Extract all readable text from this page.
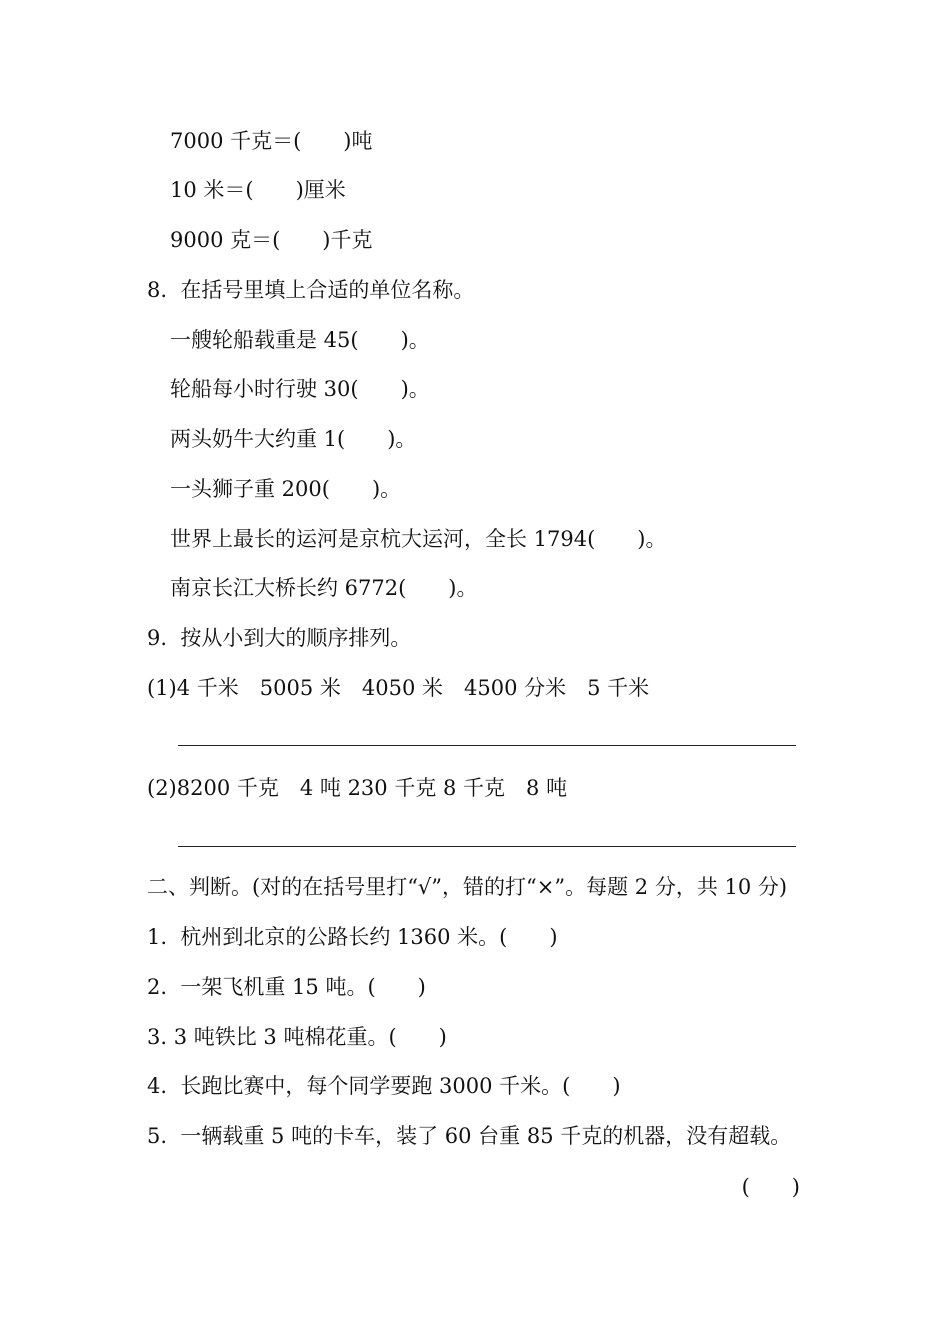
7000 千克＝(　　)吨
10 米＝(　　)厘米
9000 克＝(　　)千克
8.  在括号里填上合适的单位名称。
一艘轮船载重是 45(　　)。
轮船每小时行驶 30(　　)。
两头奶牛大约重 1(　　)。
一头狮子重 200(　　)。
世界上最长的运河是京杭大运河，全长 1794(　　)。
南京长江大桥长约 6772(　　)。
9.  按从小到大的顺序排列。
(1)4 千米　5005 米　4050 米　4500 分米　5 千米
(2)8200 千克　4 吨 230 千克 8 千克　8 吨
二、判断。(对的在括号里打“√”，错的打“×”。每题 2 分，共 10 分)
1.  杭州到北京的公路长约 1360 米。(　　)
2.  一架飞机重 15 吨。(　　)
3. 3 吨铁比 3 吨棉花重。(　　)
4.  长跑比赛中，每个同学要跑 3000 千米。(　　)
5.  一辆载重 5 吨的卡车，装了 60 台重 85 千克的机器，没有超载。
(　　)
